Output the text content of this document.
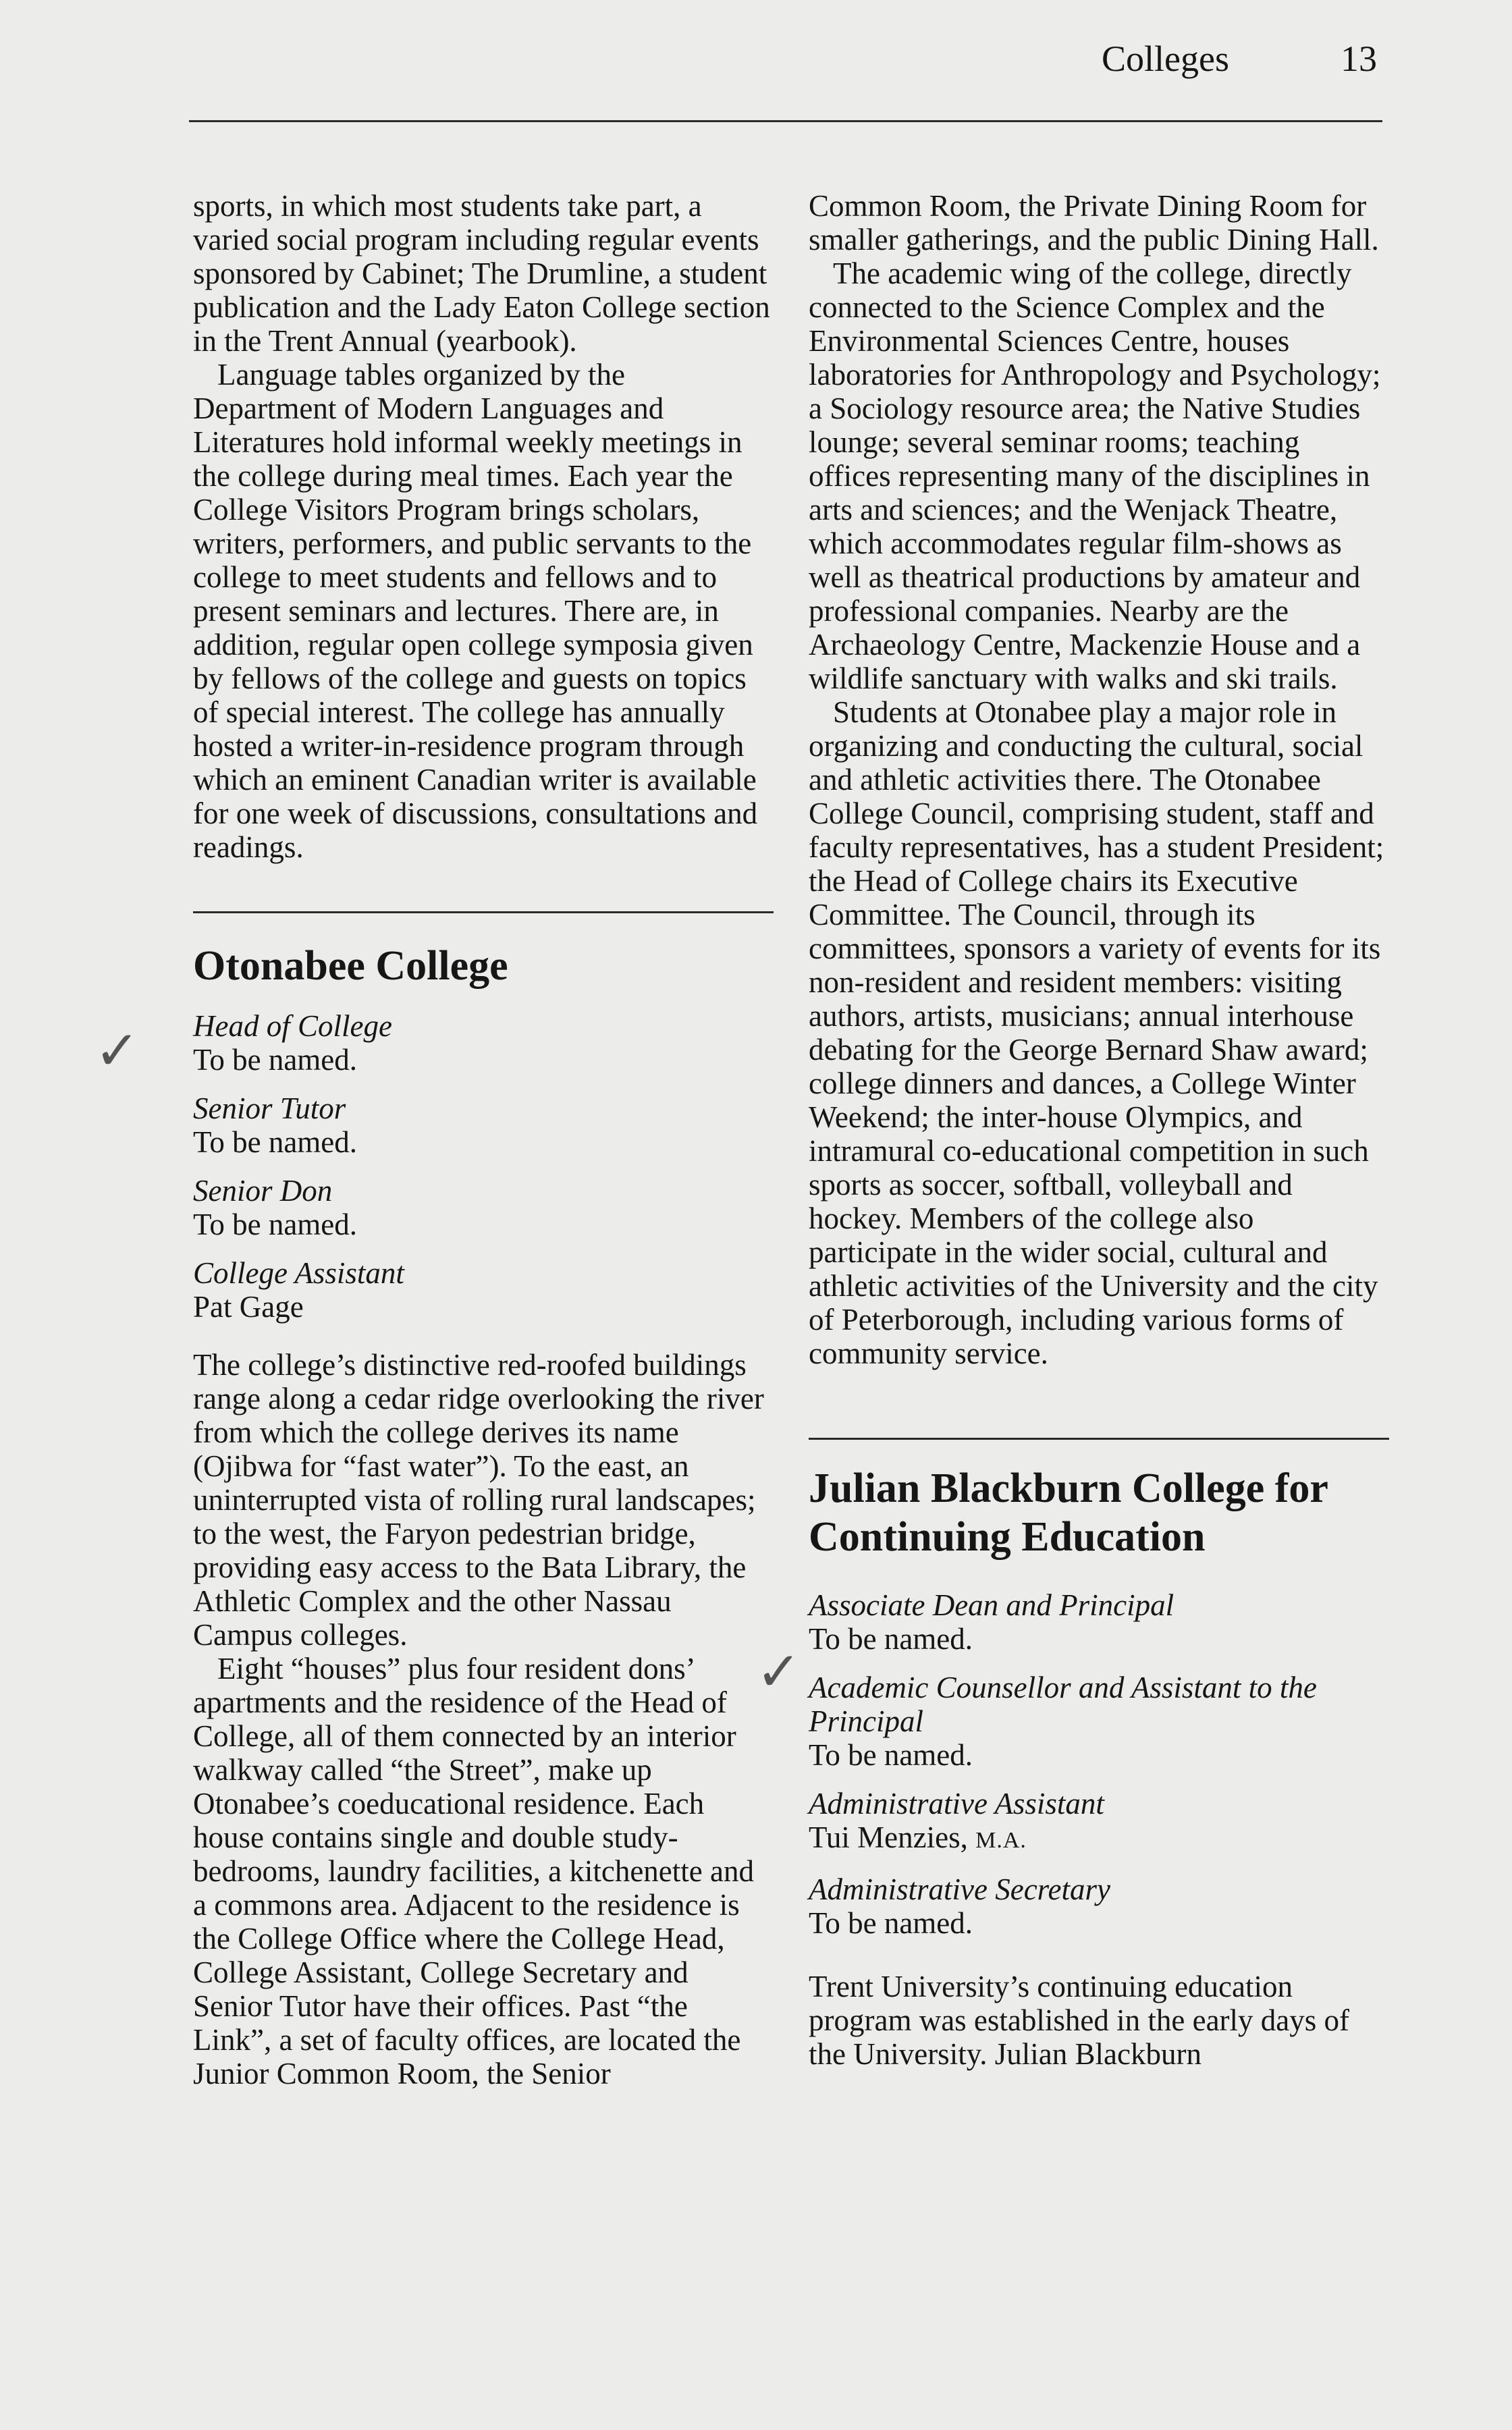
Colleges	13
✓
✓

sports, in which most students take part, a varied social program including regular events sponsored by Cabinet; The Drumline, a student publication and the Lady Eaton College section in the Trent Annual (yearbook).

Language tables organized by the Department of Modern Languages and Literatures hold informal weekly meetings in the college during meal times. Each year the College Visitors Program brings scholars, writers, performers, and public servants to the college to meet students and fellows and to present seminars and lectures. There are, in addition, regular open college symposia given by fellows of the college and guests on topics of special interest. The college has annually hosted a writer-in-residence program through which an eminent Canadian writer is available for one week of discussions, consultations and readings.

Otonabee College
Head of College
To be named.
Senior Tutor
To be named.
Senior Don
To be named.
College Assistant
Pat Gage

The college’s distinctive red-roofed buildings range along a cedar ridge overlooking the river from which the college derives its name (Ojibwa for “fast water”). To the east, an uninterrupted vista of rolling rural landscapes; to the west, the Faryon pedestrian bridge, providing easy access to the Bata Library, the Athletic Complex and the other Nassau Campus colleges.

Eight “houses” plus four resident dons’ apartments and the residence of the Head of College, all of them connected by an interior walkway called “the Street”, make up Otonabee’s coeducational residence. Each house contains single and double study-bedrooms, laundry facilities, a kitchenette and a commons area. Adjacent to the residence is the College Office where the College Head, College Assistant, College Secretary and Senior Tutor have their offices. Past “the Link”, a set of faculty offices, are located the Junior Common Room, the Senior

Common Room, the Private Dining Room for smaller gatherings, and the public Dining Hall.

The academic wing of the college, directly connected to the Science Complex and the Environmental Sciences Centre, houses laboratories for Anthropology and Psychology; a Sociology resource area; the Native Studies lounge; several seminar rooms; teaching offices representing many of the disciplines in arts and sciences; and the Wenjack Theatre, which accommodates regular film-shows as well as theatrical productions by amateur and professional companies. Nearby are the Archaeology Centre, Mackenzie House and a wildlife sanctuary with walks and ski trails.

Students at Otonabee play a major role in organizing and conducting the cultural, social and athletic activities there. The Otonabee College Council, comprising student, staff and faculty representatives, has a student President; the Head of College chairs its Executive Committee. The Council, through its committees, sponsors a variety of events for its non-resident and resident members: visiting authors, artists, musicians; annual interhouse debating for the George Bernard Shaw award; college dinners and dances, a College Winter Weekend; the inter-house Olympics, and intramural co-educational competition in such sports as soccer, softball, volleyball and hockey. Members of the college also participate in the wider social, cultural and athletic activities of the University and the city of Peterborough, including various forms of community service.

Julian Blackburn College for Continuing Education
Associate Dean and Principal
To be named.
Academic Counsellor and Assistant to the Principal
To be named.
Administrative Assistant
Tui Menzies, M.A.
Administrative Secretary
To be named.

Trent University’s continuing education program was established in the early days of the University. Julian Blackburn
